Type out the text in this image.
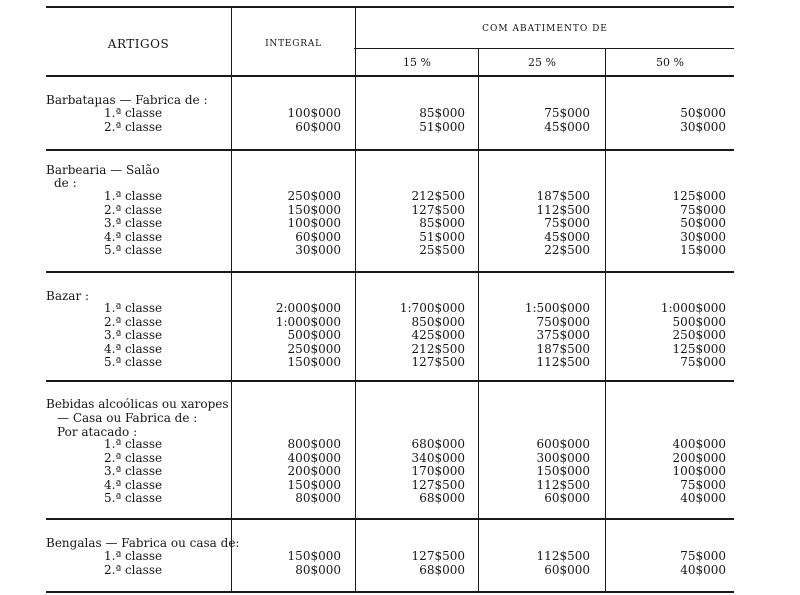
ARTIGOS	INTEGRAL
COM ABATIMENTO DE
15 %	25 %	50 %
Barbataµas — Fabrica de :
1.ª classe	100$000	85$000	75$000	50$000
2.ª classe	60$000	51$000	45$000	30$000
Barbearia — Salão
de :
1.ª classe	250$000	212$500	187$500	125$000
2.ª classe	150$000	127$500	112$500	75$000
3.ª classe	100$000	85$000	75$000	50$000
4.ª classe	60$000	51$000	45$000	30$000
5.ª classe	30$000	25$500	22$500	15$000
Bazar :
1.ª classe	2:000$000	1:700$000	1:500$000	1:000$000
2.ª classe	1:000$000	850$000	750$000	500$000
3.ª classe	500$000	425$000	375$000	250$000
4.ª classe	250$000	212$500	187$500	125$000
5.ª classe	150$000	127$500	112$500	75$000
Bebidas alcoólicas ou xaropes
— Casa ou Fabrica de :
Por atacado :
1.ª classe	800$000	680$000	600$000	400$000
2.ª classe	400$000	340$000	300$000	200$000
3.ª classe	200$000	170$000	150$000	100$000
4.ª classe	150$000	127$500	112$500	75$000
5.ª classe	80$000	68$000	60$000	40$000
Bengalas — Fabrica ou casa de:
1.ª classe	150$000	127$500	112$500	75$000
2.ª classe	80$000	68$000	60$000	40$000
